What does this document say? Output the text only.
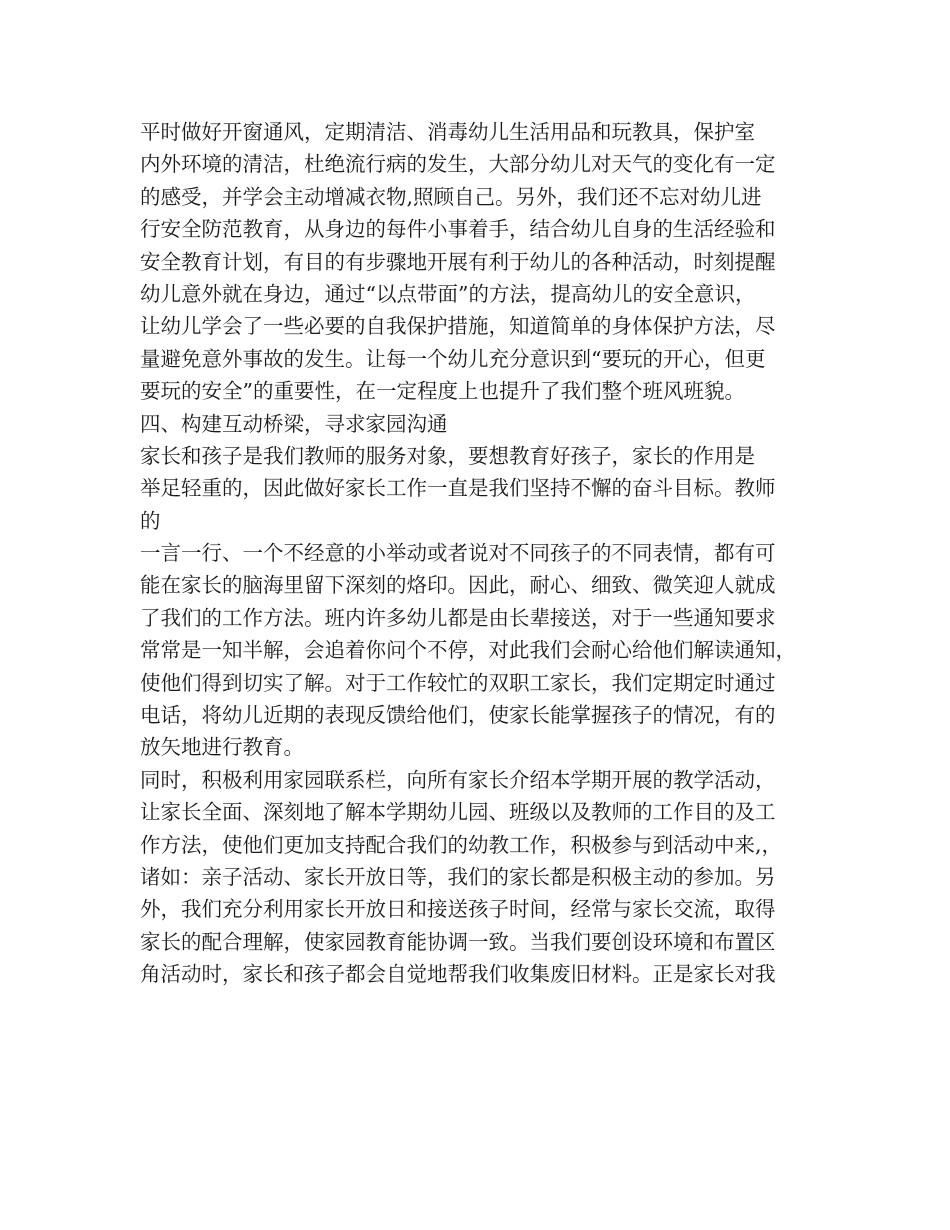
平时做好开窗通风，定期清洁、消毒幼儿生活用品和玩教具，保护室
内外环境的清洁，杜绝流行病的发生，大部分幼儿对天气的变化有一定
的感受，并学会主动增减衣物,照顾自己。另外，我们还不忘对幼儿进
行安全防范教育，从身边的每件小事着手，结合幼儿自身的生活经验和
安全教育计划，有目的有步骤地开展有利于幼儿的各种活动，时刻提醒
幼儿意外就在身边，通过“以点带面”的方法，提高幼儿的安全意识，
让幼儿学会了一些必要的自我保护措施，知道简单的身体保护方法，尽
量避免意外事故的发生。让每一个幼儿充分意识到“要玩的开心，但更
要玩的安全”的重要性，在一定程度上也提升了我们整个班风班貌。
四、构建互动桥梁，寻求家园沟通
家长和孩子是我们教师的服务对象，要想教育好孩子，家长的作用是
举足轻重的，因此做好家长工作一直是我们坚持不懈的奋斗目标。教师
的
一言一行、一个不经意的小举动或者说对不同孩子的不同表情，都有可
能在家长的脑海里留下深刻的烙印。因此，耐心、细致、微笑迎人就成
了我们的工作方法。班内许多幼儿都是由长辈接送，对于一些通知要求
常常是一知半解，会追着你问个不停，对此我们会耐心给他们解读通知，
使他们得到切实了解。对于工作较忙的双职工家长，我们定期定时通过
电话，将幼儿近期的表现反馈给他们，使家长能掌握孩子的情况，有的
放矢地进行教育。
同时，积极利用家园联系栏，向所有家长介绍本学期开展的教学活动，
让家长全面、深刻地了解本学期幼儿园、班级以及教师的工作目的及工
作方法，使他们更加支持配合我们的幼教工作，积极参与到活动中来,，
诸如：亲子活动、家长开放日等，我们的家长都是积极主动的参加。另
外，我们充分利用家长开放日和接送孩子时间，经常与家长交流，取得
家长的配合理解，使家园教育能协调一致。当我们要创设环境和布置区
角活动时，家长和孩子都会自觉地帮我们收集废旧材料。正是家长对我
